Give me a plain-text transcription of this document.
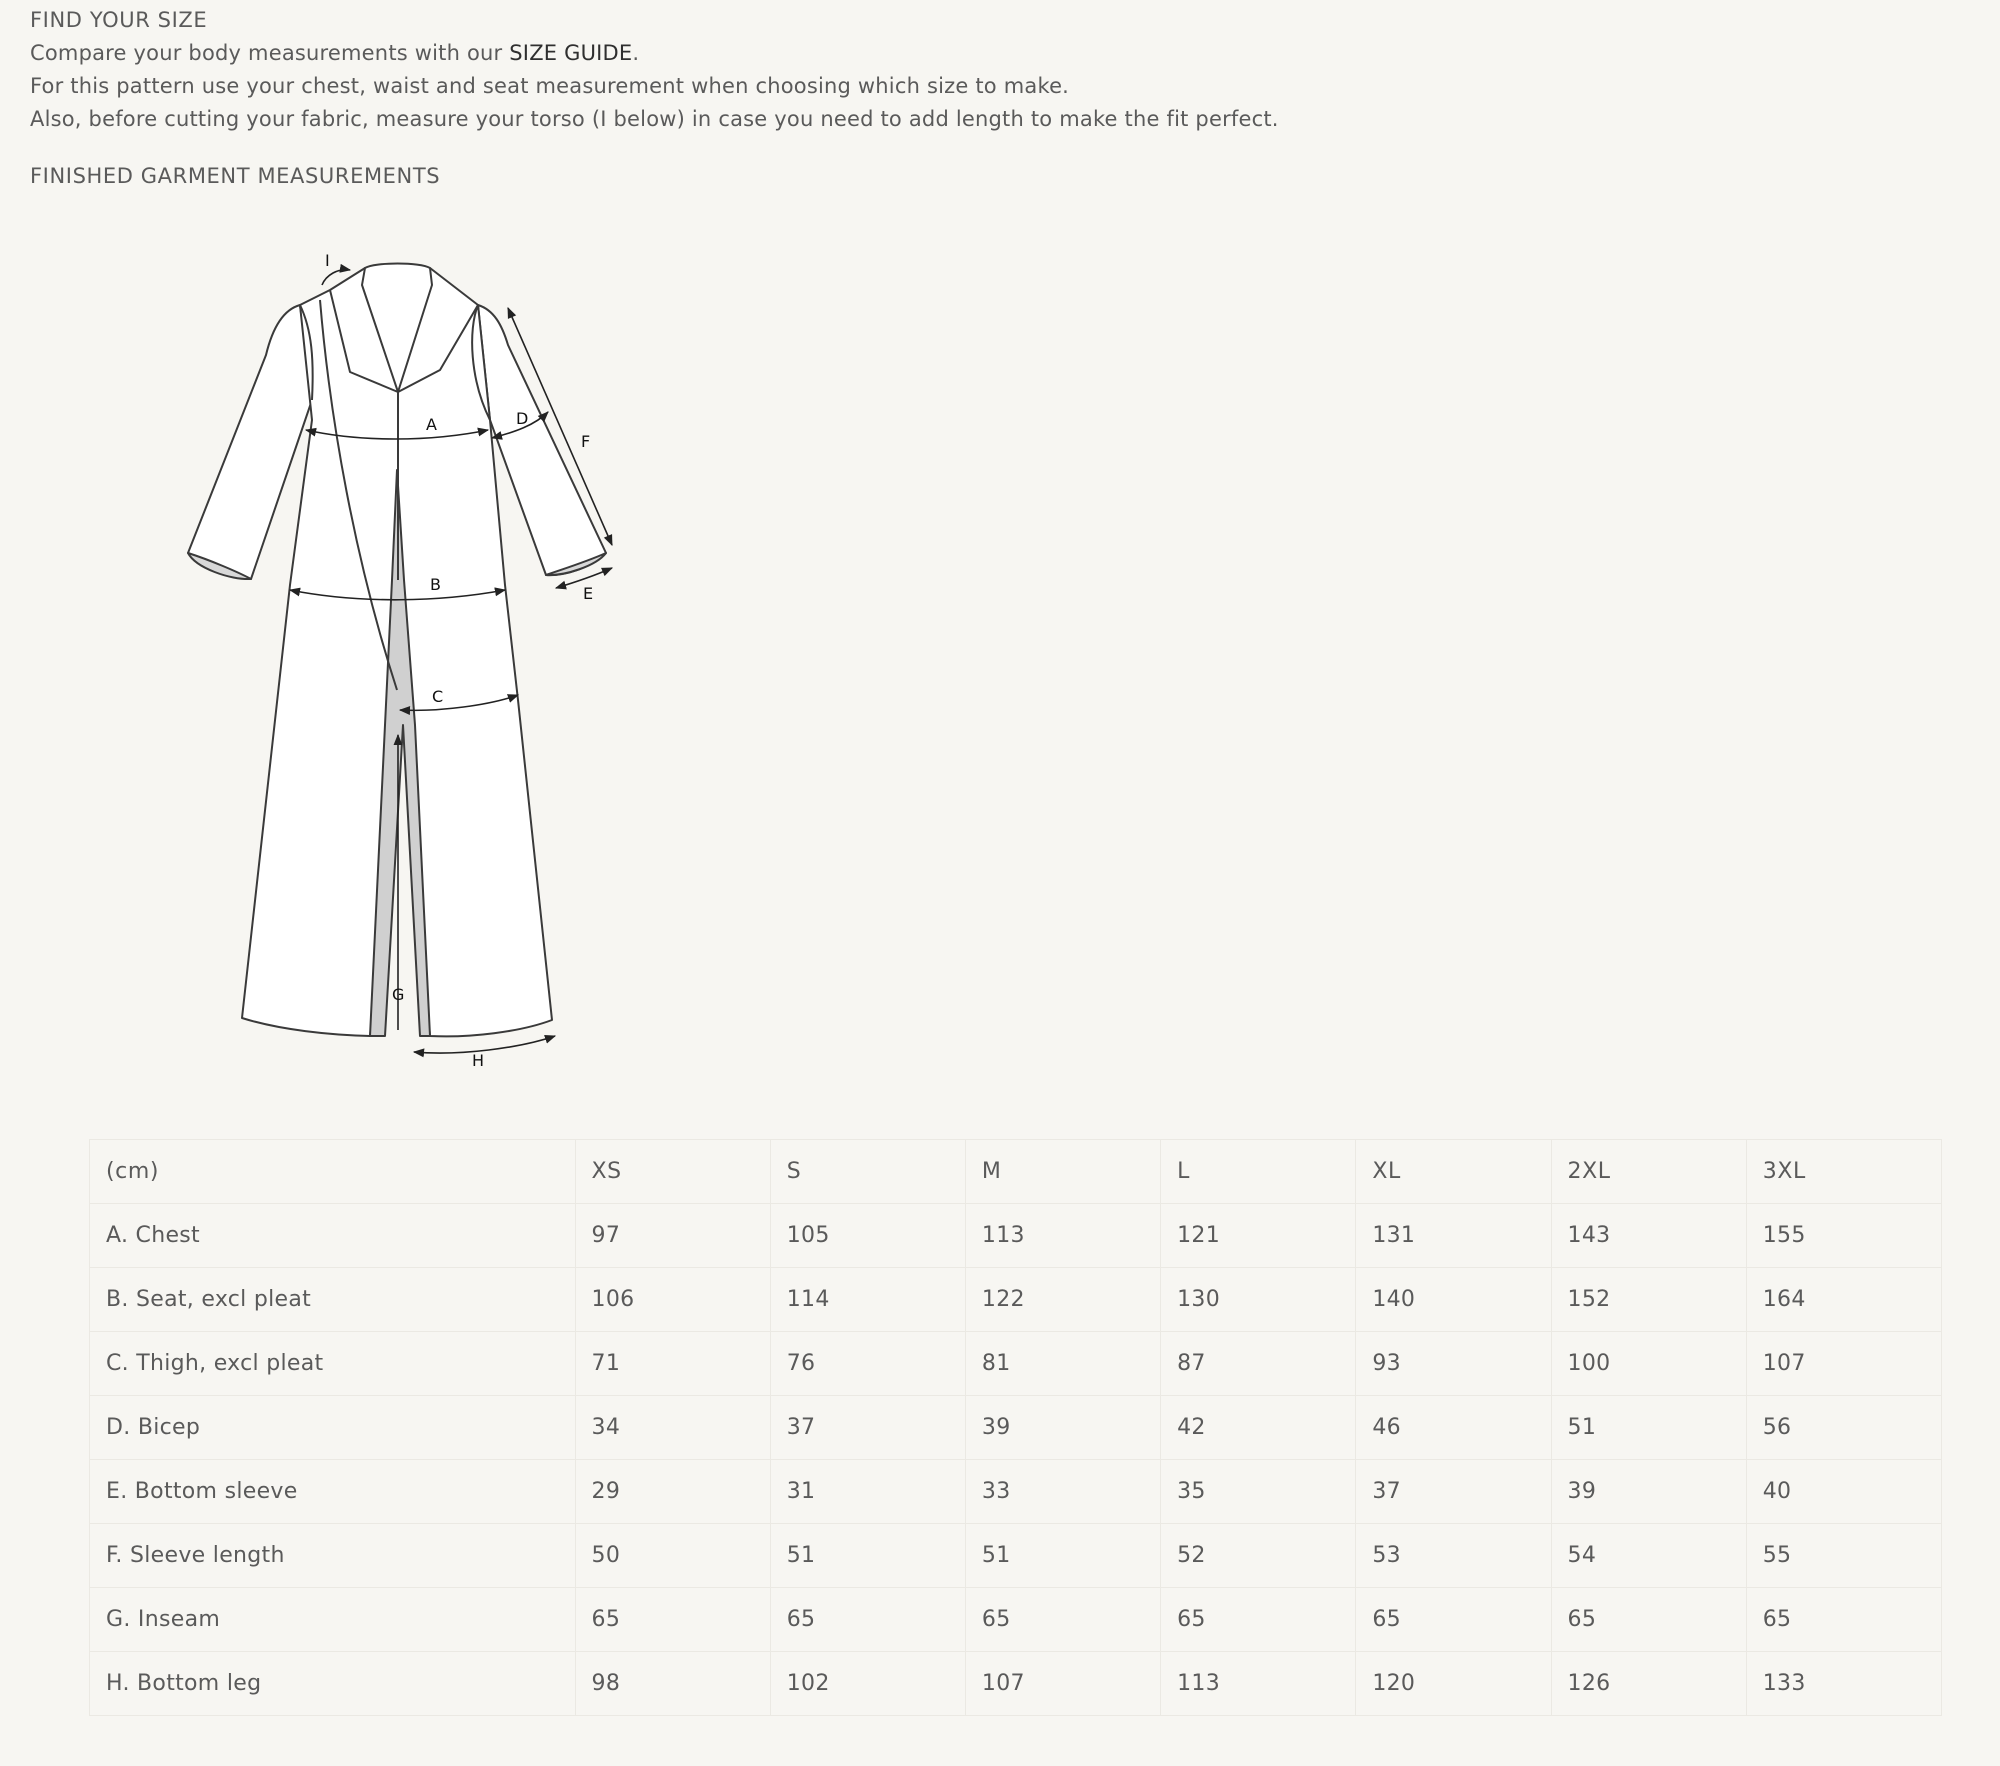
FIND YOUR SIZE
Compare your body measurements with our SIZE GUIDE.
For this pattern use your chest, waist and seat measurement when choosing which size to make.
Also, before cutting your fabric, measure your torso (I below) in case you need to add length to make the fit perfect.
FINISHED GARMENT MEASUREMENTS
A
B
C
D
E
F
G
H
I
(cm)	XS	S	M	L	XL	2XL	3XL
A. Chest	97	105	113	121	131	143	155
B. Seat, excl pleat	106	114	122	130	140	152	164
C. Thigh, excl pleat	71	76	81	87	93	100	107
D. Bicep	34	37	39	42	46	51	56
E. Bottom sleeve	29	31	33	35	37	39	40
F. Sleeve length	50	51	51	52	53	54	55
G. Inseam	65	65	65	65	65	65	65
H. Bottom leg	98	102	107	113	120	126	133
